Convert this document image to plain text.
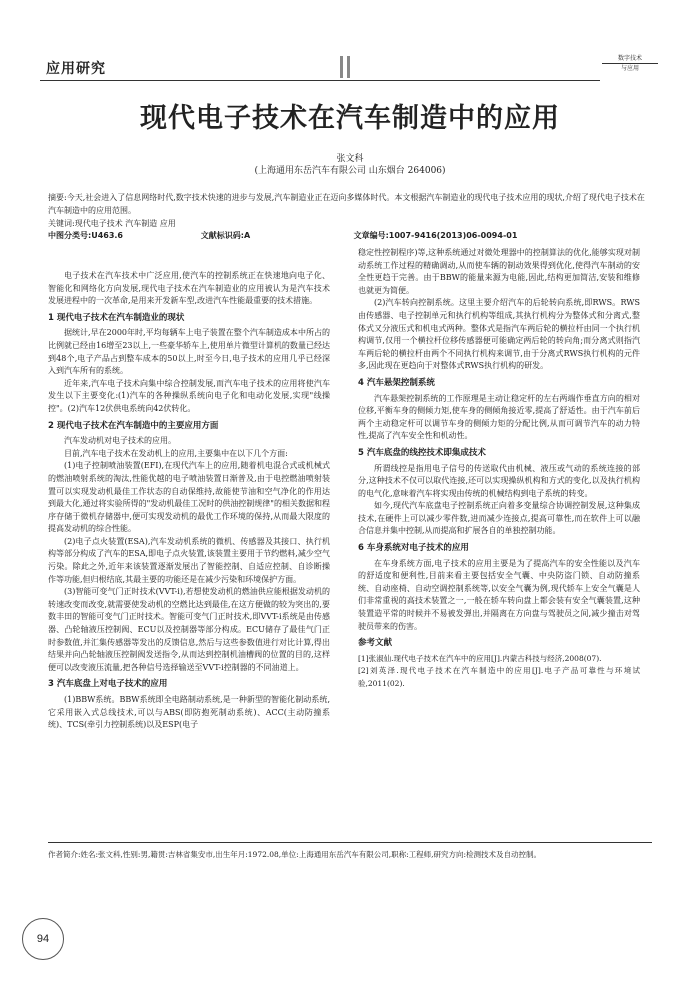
应用研究
数字技术
与应用
现代电子技术在汽车制造中的应用
张文科
(上海通用东岳汽车有限公司 山东烟台 264006)
摘要:今天,社会进入了信息网络时代,数字技术快速的进步与发展,汽车制造业正在迈向多媒体时代。本文根据汽车制造业的现代电子技术应用的现状,介绍了现代电子技术在汽车制造中的应用范围。
关键词:现代电子技术 汽车制造 应用
中图分类号:U463.6	文献标识码:A	文章编号:1007-9416(2013)06-0094-01

电子技术在汽车技术中广泛应用,使汽车的控制系统正在快速地向电子化、智能化和网络化方向发展,现代电子技术在汽车制造业的应用被认为是汽车技术发展进程中的一次革命,是用来开发新车型,改进汽车性能最重要的技术措施。

1 现代电子技术在汽车制造业的现状

据统计,早在2000年时,平均每辆车上电子装置在整个汽车制造成本中所占的比例就已经由16增至23以上,一些豪华轿车上,使用单片微型计算机的数量已经达到48个,电子产品占到整车成本的50以上,时至今日,电子技术的应用几乎已经深入到汽车所有的系统。

近年来,汽车电子技术向集中综合控制发展,而汽车电子技术的应用将使汽车发生以下主要变化:(1)汽车的各种操纵系统向电子化和电动化发展,实现"线操控"。(2)汽车12伏供电系统向42伏转化。

2 现代电子技术在汽车制造中的主要应用方面

汽车发动机对电子技术的应用。

目前,汽车电子技术在发动机上的应用,主要集中在以下几个方面:

(1)电子控制喷油装置(EFI),在现代汽车上的应用,随着机电混合式或机械式的燃油喷射系统的淘汰,性能优越的电子喷油装置日渐普及,由于电控燃油喷射装置可以实现发动机最佳工作状态的自动保维持,故能使节油和空气净化的作用达到最大化,通过将实验所得的"发动机最佳工况时的供油控制规律"的相关数据和程序存储于微机存储器中,便可实现发动机的最优工作环境的保持,从而最大限度的提高发动机的综合性能。

(2)电子点火装置(ESA),汽车发动机系统的微机、传感器及其接口、执行机构等部分构成了汽车的ESA,即电子点火装置,该装置主要用于节约燃料,减少空气污染。除此之外,近年来该装置逐渐发展出了智能控制、自适应控制、自诊断操作等功能,但归根结底,其最主要的功能还是在减少污染和环境保护方面。

(3)智能可变气门正时技术(VVT-i),若想使发动机的燃油供应能根据发动机的转速改变而改变,就需要使发动机的空燃比达到最佳,在这方便做的较为突出的,要数丰田的智能可变气门正时技术。智能可变气门正时技术,即VVT-i系统是由传感器、凸轮轴液压控制阀、ECU以及控制器等部分构成。ECU储存了最佳气门正时参数值,并汇集传感器等发出的反馈信息,然后与这些参数值进行对比计算,得出结果并向凸轮轴液压控制阀发送指令,从而达到控制机油槽阀的位置的目的,这样便可以改变液压流量,把各种信号选择输送至VVT-i控制器的不同油道上。

3 汽车底盘上对电子技术的应用

(1)BBW系统。BBW系统即全电路制动系统,是一种新型的智能化制动系统,它采用嵌入式总线技术,可以与ABS(即防抱死制动系统)、ACC(主动防撞系统)、TCS(牵引力控制系统)以及ESP(电子

稳定性控制程序)等,这种系统通过对微处理器中的控制算法的优化,能够实现对制动系统工作过程的精确调动,从而使车辆的制动效果得到优化,使得汽车制动的安全性更趋于完善。由于BBW的能量来源为电能,因此,结构更加简洁,安装和维修也就更为简便。

(2)汽车转向控制系统。这里主要介绍汽车的后轮转向系统,即RWS。RWS由传感器、电子控制单元和执行机构等组成,其执行机构分为整体式和分离式,整体式又分液压式和机电式两种。整体式是指汽车两后轮的横拉杆由同一个执行机构调节,仅用一个横拉杆位移传感器便可能确定两后轮的转向角;而分离式则指汽车两后轮的横拉杆由两个不同执行机构来调节,由于分离式RWS执行机构的元件多,因此现在更趋向于对整体式RWS执行机构的研发。

4 汽车悬架控制系统

汽车悬架控制系统的工作原理是主动让稳定杆的左右两端作垂直方向的相对位移,平衡车身的侧倾力矩,使车身的侧倾角接近零,提高了舒适性。由于汽车前后两个主动稳定杆可以调节车身的侧倾力矩的分配比例,从而可调节汽车的动力特性,提高了汽车安全性和机动性。

5 汽车底盘的线控技术即集成技术

所谓线控是指用电子信号的传送取代由机械、液压或气动的系统连接的部分,这种技术不仅可以取代连接,还可以实现操纵机构和方式的变化,以及执行机构的电气化,意味着汽车将实现由传统的机械结构到电子系统的转变。

如今,现代汽车底盘电子控制系统正向着多变量综合协调控制发展,这种集成技术,在硬件上可以减少零件数,进而减少连接点,提高可靠性,而在软件上可以融合信息并集中控制,从而提高和扩展各自的单独控制功能。

6 车身系统对电子技术的应用

在车身系统方面,电子技术的应用主要是为了提高汽车的安全性能以及汽车的舒适度和便利性,目前来看主要包括安全气囊、中央防盗门锁、自动防撞系统、自动座椅、自动空调控制系统等,以安全气囊为例,现代轿车上安全气囊是人们非常重视的高技术装置之一,一般在轿车转向盘上都会装有安全气囊装置,这种装置造平常的时候并不易被发弹出,并隔离在方向盘与驾驶员之间,减少撞击对驾驶员带来的伤害。

参考文献

[1]张淑仙.现代电子技术在汽车中的应用[J].内蒙古科技与经济,2008(07).

[2]刘英泽.现代电子技术在汽车制造中的应用[J].电子产品可靠性与环境试验,2011(02).

作者简介:姓名:张文科,性别:男,籍贯:吉林省集安市,出生年月:1972.08,单位:上海通用东岳汽车有限公司,职称:工程师,研究方向:检测技术及自动控制。
94
